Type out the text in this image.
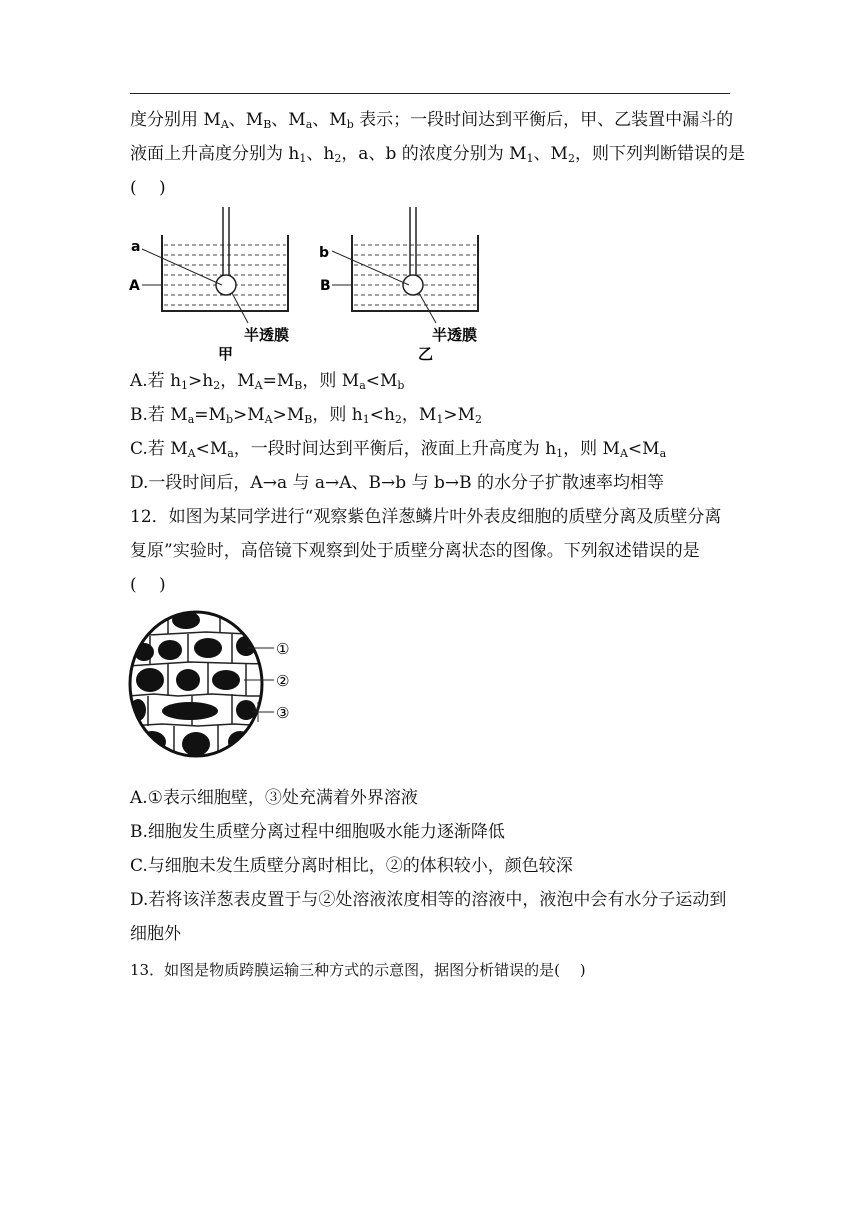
度分别用 $M_A$、$M_B$、$M_a$、$M_b$ 表示；一段时间达到平衡后，甲、乙装置中漏斗的
液面上升高度分别为 $h_1$、$h_2$，a、b 的浓度分别为 $M_1$、$M_2$，则下列判断错误的是
(　 )
a
A
半透膜
甲
b
B
半透膜
乙
A.若 $h_1>h_2$，$M_A=M_B$，则 $M_a<M_b$
B.若 $M_a=M_b>M_A>M_B$，则 $h_1<h_2$，$M_1>M_2$
C.若 $M_A<M_a$，一段时间达到平衡后，液面上升高度为 $h_1$，则 $M_A<M_a$
D.一段时间后，A→a 与 a→A、B→b 与 b→B 的水分子扩散速率均相等
12．如图为某同学进行“观察紫色洋葱鳞片叶外表皮细胞的质壁分离及质壁分离
复原”实验时，高倍镜下观察到处于质壁分离状态的图像。下列叙述错误的是
(　 )
①
②
③
A.①表示细胞壁，③处充满着外界溶液
B.细胞发生质壁分离过程中细胞吸水能力逐渐降低
C.与细胞未发生质壁分离时相比，②的体积较小，颜色较深
D.若将该洋葱表皮置于与②处溶液浓度相等的溶液中，液泡中会有水分子运动到
细胞外
13．如图是物质跨膜运输三种方式的示意图，据图分析错误的是(　 )
